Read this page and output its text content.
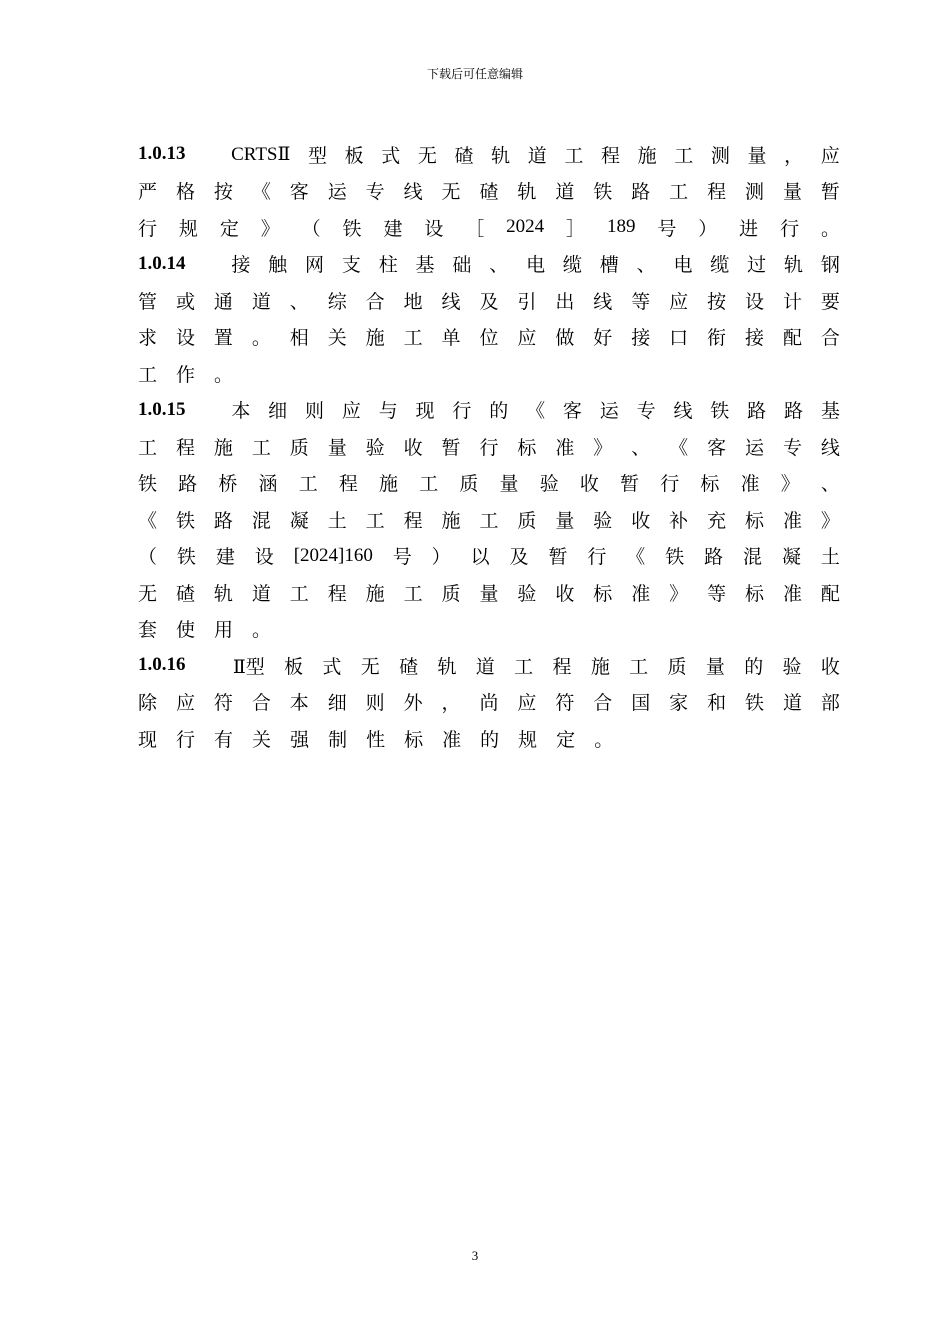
下载后可任意编辑
1.0.13 CRTSⅡ 型 板 式 无 碴 轨 道 工 程 施 工 测 量 ， 应
严 格 按 《 客 运 专 线 无 碴 轨 道 铁 路 工 程 测 量 暂
行 规 定 》 （ 铁 建 设 ［ 2024 ］ 189 号 ） 进 行 。
1.0.14 接 触 网 支 柱 基 础 、 电 缆 槽 、 电 缆 过 轨 钢
管 或 通 道 、 综 合 地 线 及 引 出 线 等 应 按 设 计 要
求 设 置 。 相 关 施 工 单 位 应 做 好 接 口 衔 接 配 合
工 作 。
1.0.15 本 细 则 应 与 现 行 的 《 客 运 专 线 铁 路 路 基
工 程 施 工 质 量 验 收 暂 行 标 准 》 、 《 客 运 专 线
铁 路 桥 涵 工 程 施 工 质 量 验 收 暂 行 标 准 》 、
《 铁 路 混 凝 土 工 程 施 工 质 量 验 收 补 充 标 准 》
（ 铁 建 设 [2024]160 号 ） 以 及 暂 行 《 铁 路 混 凝 土
无 碴 轨 道 工 程 施 工 质 量 验 收 标 准 》 等 标 准 配
套 使 用 。
1.0.16 Ⅱ型 板 式 无 碴 轨 道 工 程 施 工 质 量 的 验 收
除 应 符 合 本 细 则 外 ， 尚 应 符 合 国 家 和 铁 道 部
现 行 有 关 强 制 性 标 准 的 规 定 。
3
